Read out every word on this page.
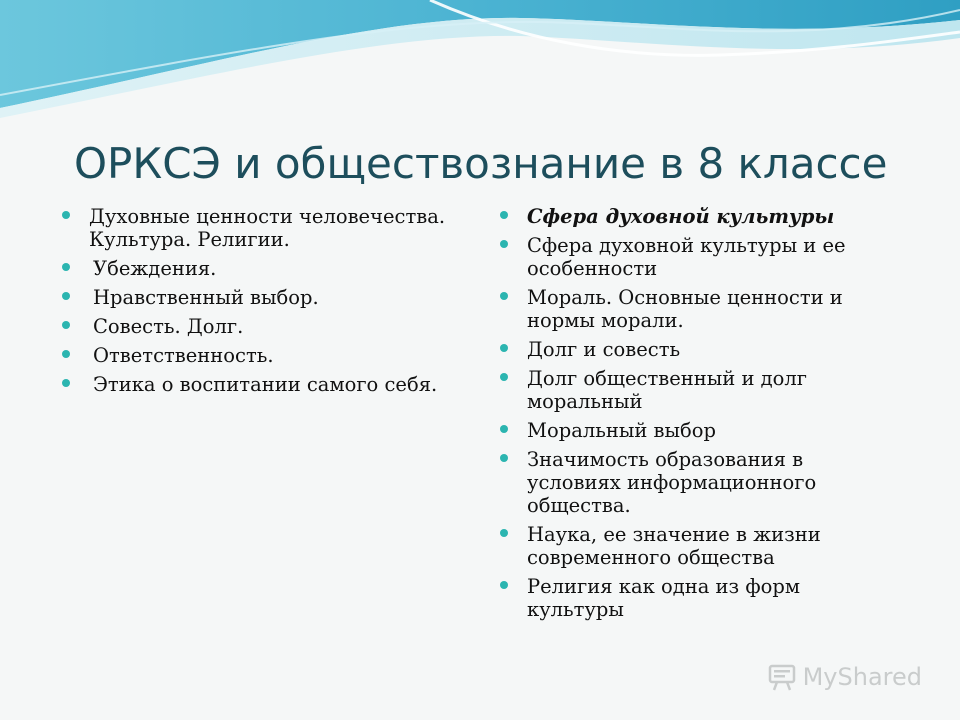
ОРКСЭ и обществознание в 8 классе
Духовные ценности человечества. Культура. Религии.
Убеждения.
Нравственный выбор.
Совесть. Долг.
Ответственность.
Этика о воспитании самого себя.
Сфера духовной культуры
Сфера духовной культуры и ее особенности
Мораль. Основные ценности и нормы морали.
Долг и совесть
Долг общественный и долг моральный
Моральный выбор
Значимость образования в условиях информационного общества.
Наука, ее значение в жизни современного общества
Религия как одна из форм культуры
MyShared
